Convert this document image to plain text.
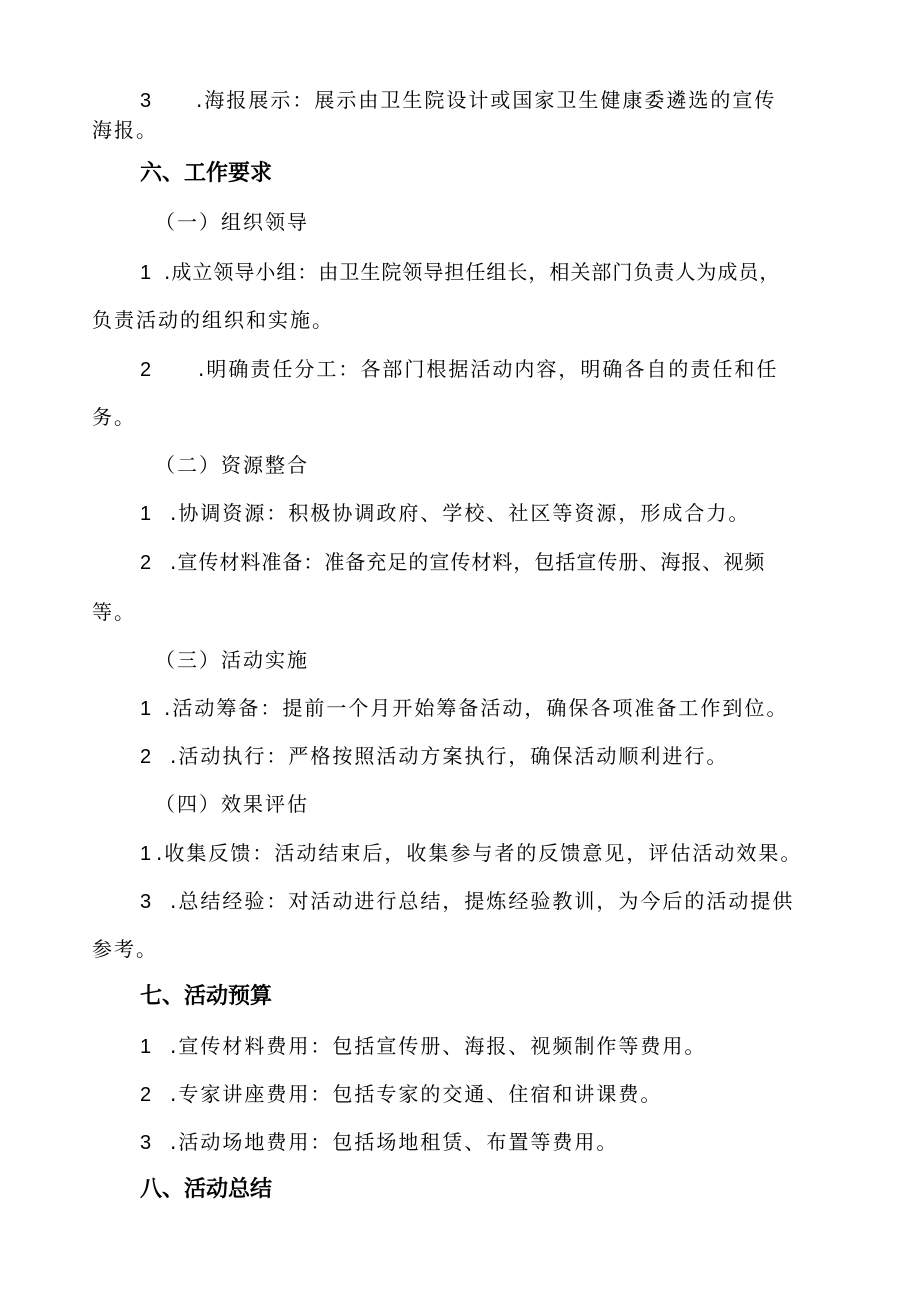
3 .海报展示：展示由卫生院设计或国家卫生健康委遴选的宣传

海报。

六、工作要求

（一）组织领导

1 .成立领导小组：由卫生院领导担任组长，相关部门负责人为成员，

负责活动的组织和实施。

2 .明确责任分工：各部门根据活动内容，明确各自的责任和任

务。

（二）资源整合

1 .协调资源：积极协调政府、学校、社区等资源，形成合力。

2 .宣传材料准备：准备充足的宣传材料，包括宣传册、海报、视频

等。

（三）活动实施

1 .活动筹备：提前一个月开始筹备活动，确保各项准备工作到位。

2 .活动执行：严格按照活动方案执行，确保活动顺利进行。

（四）效果评估

1 .收集反馈：活动结束后，收集参与者的反馈意见，评估活动效果。

3 .总结经验：对活动进行总结，提炼经验教训，为今后的活动提供

参考。

七、活动预算

1 .宣传材料费用：包括宣传册、海报、视频制作等费用。

2 .专家讲座费用：包括专家的交通、住宿和讲课费。

3 .活动场地费用：包括场地租赁、布置等费用。

八、活动总结
